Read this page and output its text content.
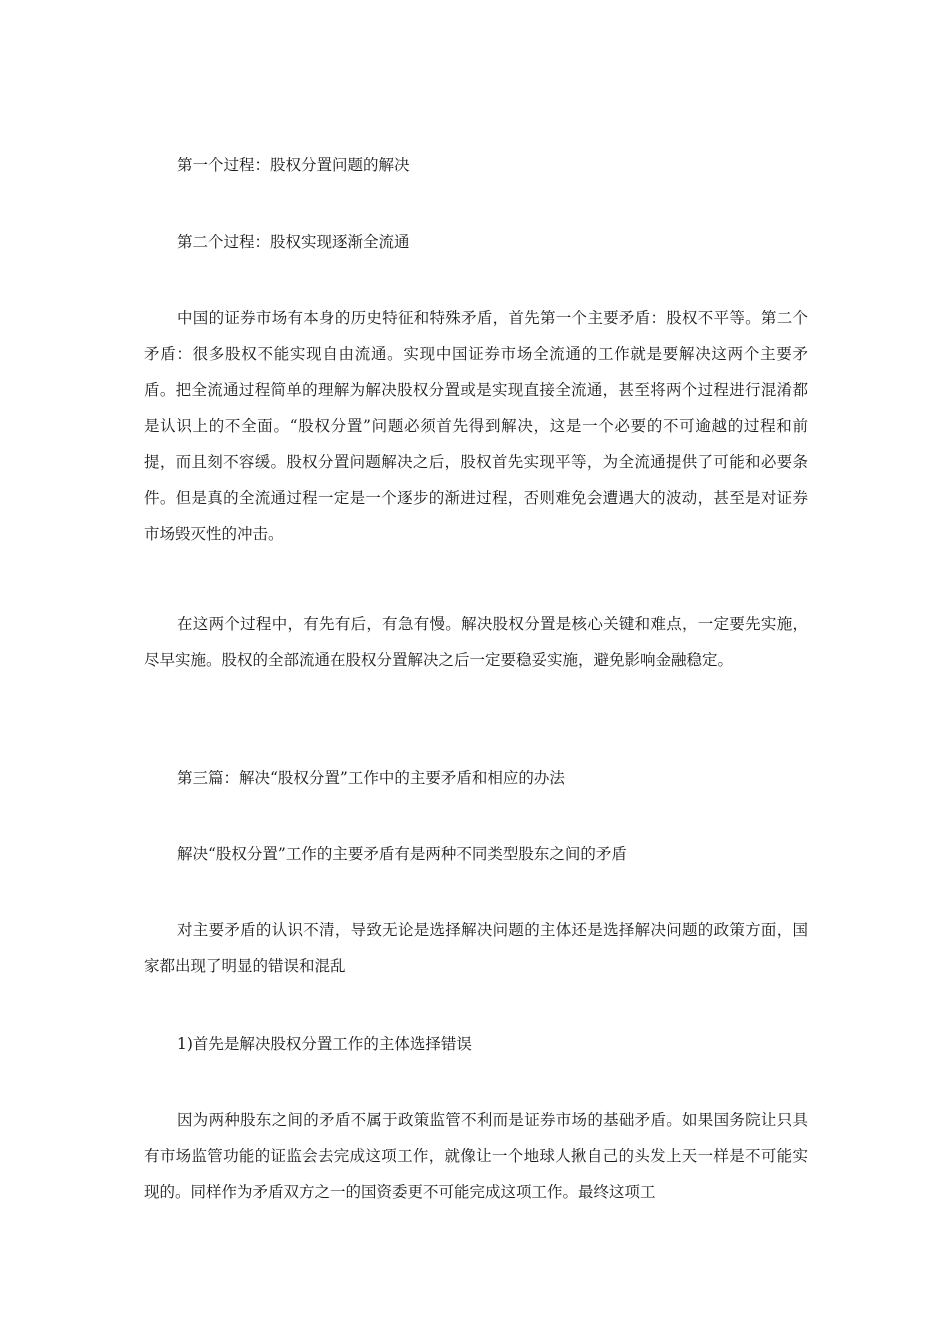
第一个过程：股权分置问题的解决

第二个过程：股权实现逐渐全流通

中国的证券市场有本身的历史特征和特殊矛盾，首先第一个主要矛盾：股权不平等。第二个矛盾：很多股权不能实现自由流通。实现中国证券市场全流通的工作就是要解决这两个主要矛盾。把全流通过程简单的理解为解决股权分置或是实现直接全流通，甚至将两个过程进行混淆都是认识上的不全面。“股权分置”问题必须首先得到解决，这是一个必要的不可逾越的过程和前提，而且刻不容缓。股权分置问题解决之后，股权首先实现平等，为全流通提供了可能和必要条件。但是真的全流通过程一定是一个逐步的渐进过程，否则难免会遭遇大的波动，甚至是对证券市场毁灭性的冲击。

在这两个过程中，有先有后，有急有慢。解决股权分置是核心关键和难点，一定要先实施，尽早实施。股权的全部流通在股权分置解决之后一定要稳妥实施，避免影响金融稳定。

第三篇：解决“股权分置”工作中的主要矛盾和相应的办法

解决“股权分置”工作的主要矛盾有是两种不同类型股东之间的矛盾

对主要矛盾的认识不清，导致无论是选择解决问题的主体还是选择解决问题的政策方面，国家都出现了明显的错误和混乱

1)首先是解决股权分置工作的主体选择错误

因为两种股东之间的矛盾不属于政策监管不利而是证券市场的基础矛盾。如果国务院让只具有市场监管功能的证监会去完成这项工作，就像让一个地球人揪自己的头发上天一样是不可能实现的。同样作为矛盾双方之一的国资委更不可能完成这项工作。最终这项工
